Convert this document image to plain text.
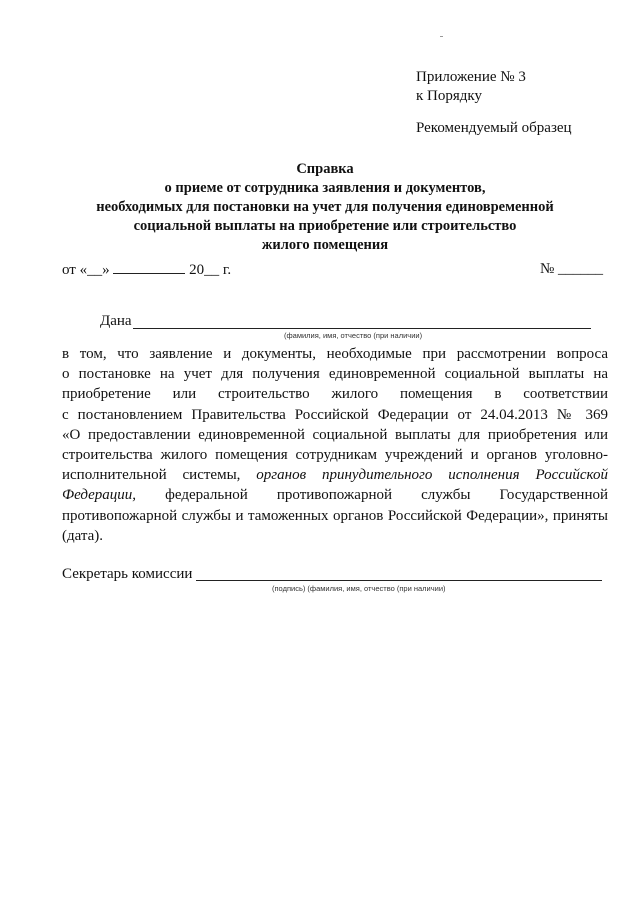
Приложение № 3
к Порядку
Рекомендуемый образец
Справка
о приеме от сотрудника заявления и документов,
необходимых для постановки на учет для получения единовременной
социальной выплаты на приобретение или строительство
жилого помещения
от «__»	20__ г.	№ ______
Дана
(фамилия, имя, отчество (при наличии)

в том, что заявление и документы, необходимые при рассмотрении вопроса

о постановке на учет для получения единовременной социальной выплаты на

приобретение или строительство жилого помещения в соответствии

с постановлением Правительства Российской Федерации от 24.04.2013 № 369

«О предоставлении единовременной социальной выплаты для приобретения или

строительства жилого помещения сотрудникам учреждений и органов уголовно-

исполнительной системы, органов принудительного исполнения Российской

Федерации, федеральной противопожарной службы Государственной

противопожарной службы и таможенных органов Российской Федерации», приняты

(дата).

Секретарь комиссии
(подпись) (фамилия, имя, отчество (при наличии)
